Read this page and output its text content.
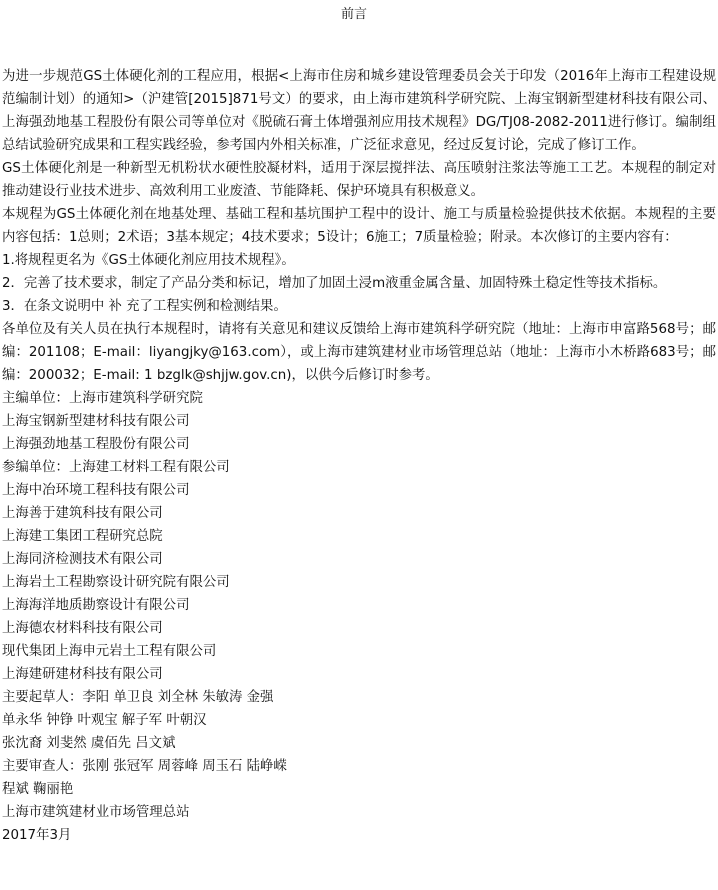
前言

为进一步规范GS土体硬化剂的工程应用，根据<上海市住房和城乡建设管理委员会关于印发（2016年上海市工程建设规范编制计划）的通知>（沪建管[2015]871号文）的要求，由上海市建筑科学研究院、上海宝钢新型建材科技有限公司、上海强劲地基工程股份有限公司等单位对《脱硫石膏土体增强剂应用技术规程》DG/TJ08-2082-2011进行修订。编制组总结试验研究成果和工程实践经验，参考国内外相关标准，广泛征求意见，经过反复讨论，完成了修订工作。

GS土体硬化剂是一种新型无机粉状水硬性胶凝材料，适用于深层搅拌法、高压喷射注浆法等施工工艺。本规程的制定对推动建设行业技术进步、高效利用工业废渣、节能降耗、保护环境具有积极意义。

本规程为GS土体硬化剂在地基处理、基础工程和基坑围护工程中的设计、施工与质量检验提供技术依据。本规程的主要内容包括：1总则；2术语；3基本规定；4技术要求；5设计；6施工；7质量检验；附录。本次修订的主要内容有：

1.将规程更名为《GS土体硬化剂应用技术规程》。

2．完善了技术要求，制定了产品分类和标记，增加了加固土浸m液重金属含量、加固特殊土稳定性等技术指标。

3．在条文说明中 补 充了工程实例和检测结果。

各单位及有关人员在执行本规程时，请将有关意见和建议反馈给上海市建筑科学研究院（地址：上海市申富路568号；邮编：201108；E-mail：liyangjky@163.com），或上海市建筑建材业市场管理总站（地址：上海市小木桥路683号；邮编：200032；E-mail: 1 bzglk@shjjw.gov.cn)，以供今后修订时参考。

主编单位：上海市建筑科学研究院
上海宝钢新型建材科技有限公司
上海强劲地基工程股份有限公司
参编单位：上海建工材料工程有限公司
上海中冶环境工程科技有限公司
上海善于建筑科技有限公司
上海建工集团工程研究总院
上海同济检测技术有限公司
上海岩土工程勘察设计研究院有限公司
上海海洋地质勘察设计有限公司
上海德农材料科技有限公司
现代集团上海申元岩土工程有限公司
上海建研建材科技有限公司
主要起草人：李阳 单卫良 刘全林 朱敏涛 金强
单永华 钟铮 叶观宝 解子军 叶朝汉
张沈裔 刘斐然 虞佰先 吕文斌
主要审查人：张刚 张冠军 周蓉峰 周玉石 陆峥嵘
程斌 鞠丽艳
上海市建筑建材业市场管理总站
2017年3月
